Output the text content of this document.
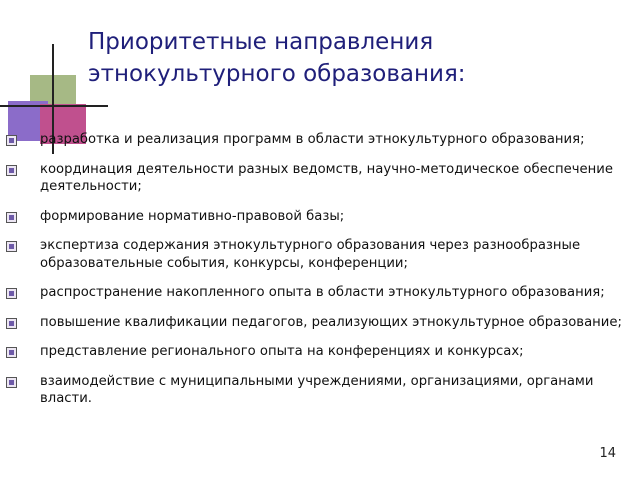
Приоритетные направления
этнокультурного образования:
разработка и реализация программ в области этнокультурного образования;
координация деятельности разных ведомств, научно-методическое обеспечение деятельности;
формирование нормативно-правовой базы;
экспертиза содержания этнокультурного образования через разнообразные образовательные события, конкурсы, конференции;
распространение накопленного опыта в области этнокультурного образования;
повышение квалификации педагогов, реализующих этнокультурное образование;
представление регионального опыта на конференциях и конкурсах;
взаимодействие с муниципальными учреждениями, организациями, органами власти.
14
